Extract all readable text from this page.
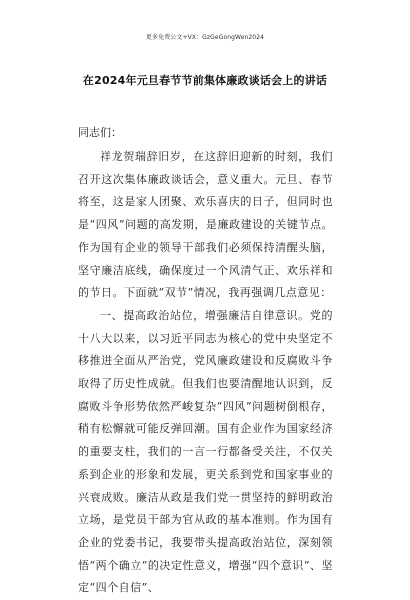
更多免费公文+VX：GzGeGongWen2024
在2024年元旦春节节前集体廉政谈话会上的讲话
同志们：

祥龙贺瑞辞旧岁，在这辞旧迎新的时刻，我们召开这次集体廉政谈话会，意义重大。元旦、春节将至，这是家人团聚、欢乐喜庆的日子，但同时也是“四风”问题的高发期，是廉政建设的关键节点。作为国有企业的领导干部我们必须保持清醒头脑，坚守廉洁底线，确保度过一个风清气正、欢乐祥和的节日。下面就“双节”情况，我再强调几点意见：

一、提高政治站位，增强廉洁自律意识。党的十八大以来，以习近平同志为核心的党中央坚定不移推进全面从严治党，党风廉政建设和反腐败斗争取得了历史性成就。但我们也要清醒地认识到，反腐败斗争形势依然严峻复杂“四风”问题树倒根存，稍有松懈就可能反弹回潮。国有企业作为国家经济的重要支柱，我们的一言一行都备受关注，不仅关系到企业的形象和发展，更关系到党和国家事业的兴衰成败。廉洁从政是我们党一贯坚持的鲜明政治立场，是党员干部为官从政的基本准则。作为国有企业的党委书记，我要带头提高政治站位，深刻领悟“两个确立”的决定性意义，增强“四个意识”、坚定“四个自信”、
